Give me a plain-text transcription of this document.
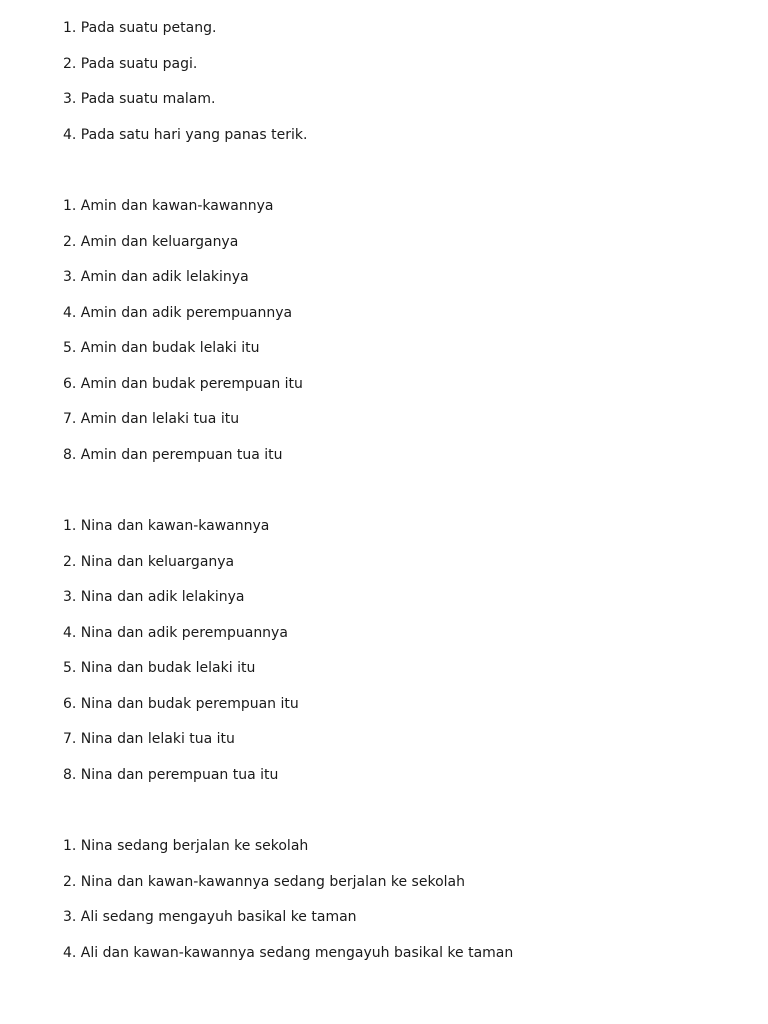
1. Pada suatu petang.
2. Pada suatu pagi.
3. Pada suatu malam.
4. Pada satu hari yang panas terik.
1. Amin dan kawan-kawannya
2. Amin dan keluarganya
3. Amin dan adik lelakinya
4. Amin dan adik perempuannya
5. Amin dan budak lelaki itu
6. Amin dan budak perempuan itu
7. Amin dan lelaki tua itu
8. Amin dan perempuan tua itu
1. Nina dan kawan-kawannya
2. Nina dan keluarganya
3. Nina dan adik lelakinya
4. Nina dan adik perempuannya
5. Nina dan budak lelaki itu
6. Nina dan budak perempuan itu
7. Nina dan lelaki tua itu
8. Nina dan perempuan tua itu
1. Nina sedang berjalan ke sekolah
2. Nina dan kawan-kawannya sedang berjalan ke sekolah
3. Ali sedang mengayuh basikal ke taman
4. Ali dan kawan-kawannya sedang mengayuh basikal ke taman
